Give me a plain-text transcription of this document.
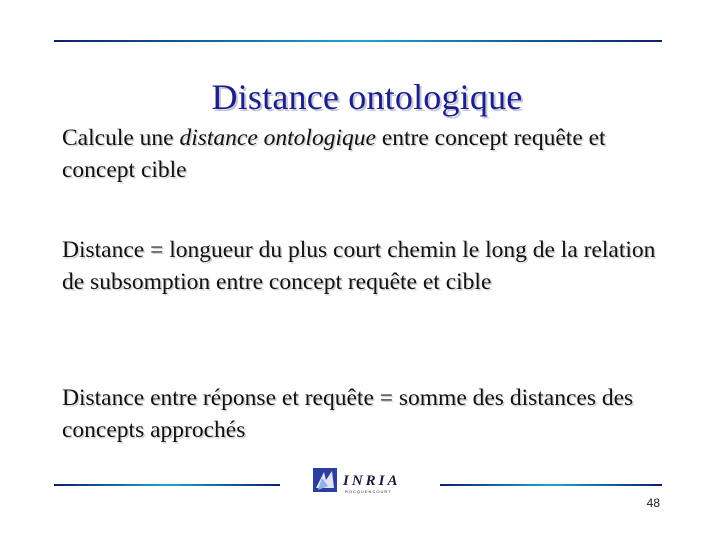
Distance ontologique

Calcule une distance ontologique entre concept requête et concept cible

Distance = longueur du plus court chemin le long de la relation de subsomption entre concept requête et cible

Distance entre réponse et requête = somme des distances des concepts approchés

INRIA
ROCQUENCOURT
48
